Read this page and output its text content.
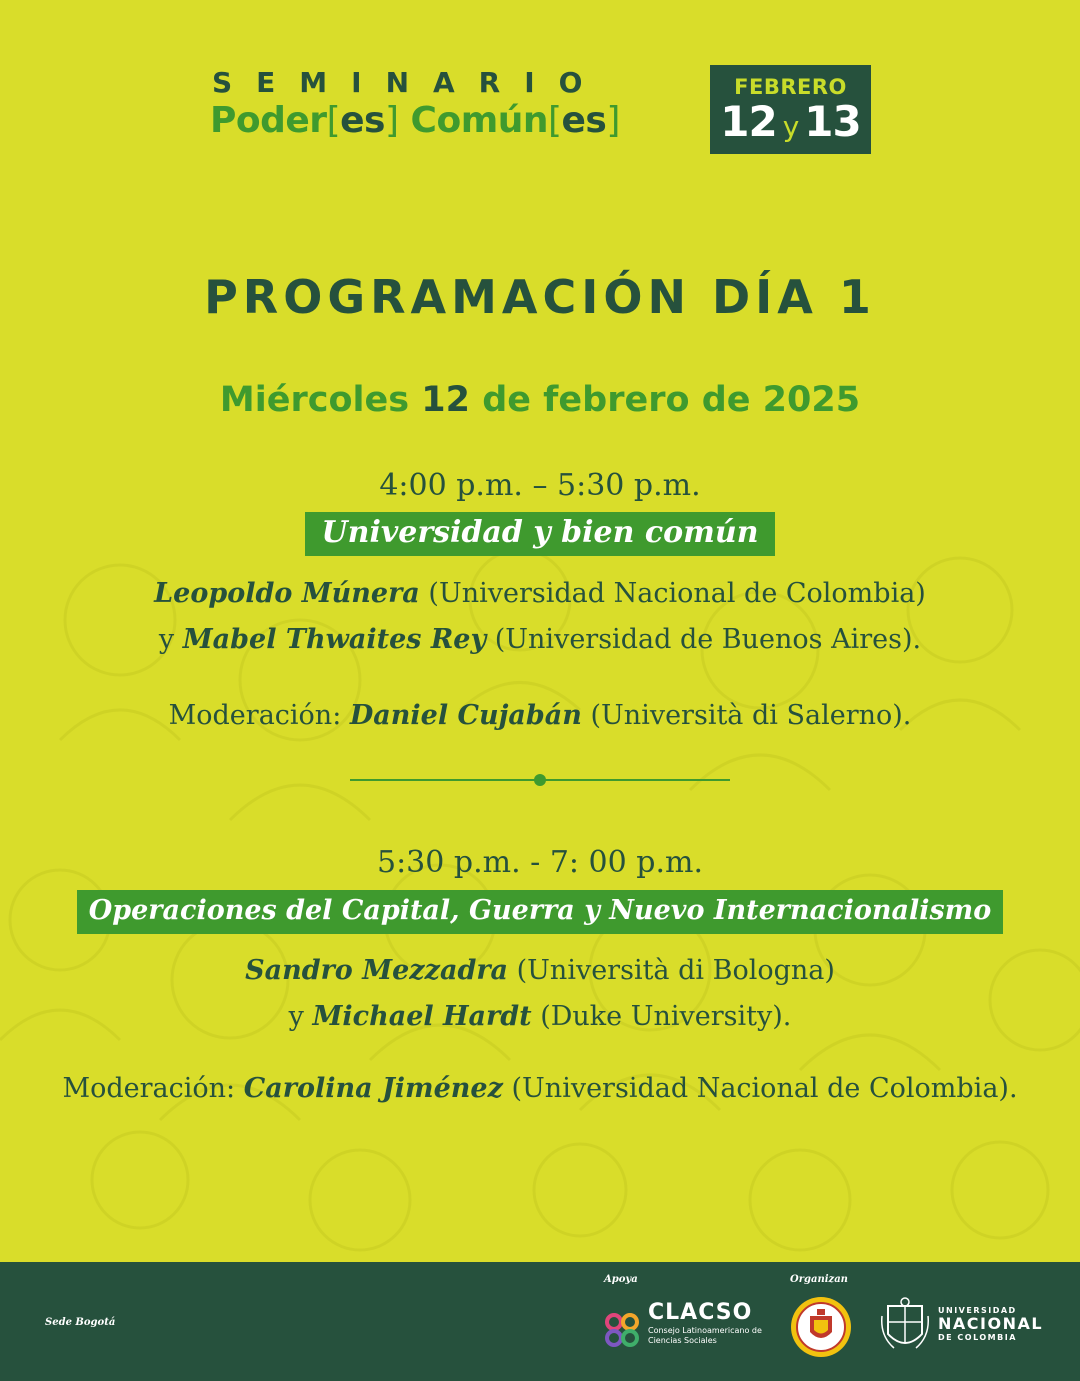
SEMINARIO
Poder[es] Común[es]
FEBRERO
12 y 13
PROGRAMACIÓN DÍA 1
Miércoles 12 de febrero de 2025
4:00 p.m. – 5:30 p.m.
Universidad y bien común
Leopoldo Múnera (Universidad Nacional de Colombia)
y Mabel Thwaites Rey (Universidad de Buenos Aires).
Moderación: Daniel Cujabán (Università di Salerno).
5:30 p.m. - 7: 00 p.m.
Operaciones del Capital, Guerra y Nuevo Internacionalismo
Sandro Mezzadra (Università di Bologna)
y Michael Hardt (Duke University).
Moderación: Carolina Jiménez (Universidad Nacional de Colombia).
Sede Bogotá
Apoya	Organizan
CLACSO
Consejo Latinoamericano de Ciencias Sociales
UNIVERSIDAD
NACIONAL
DE COLOMBIA
